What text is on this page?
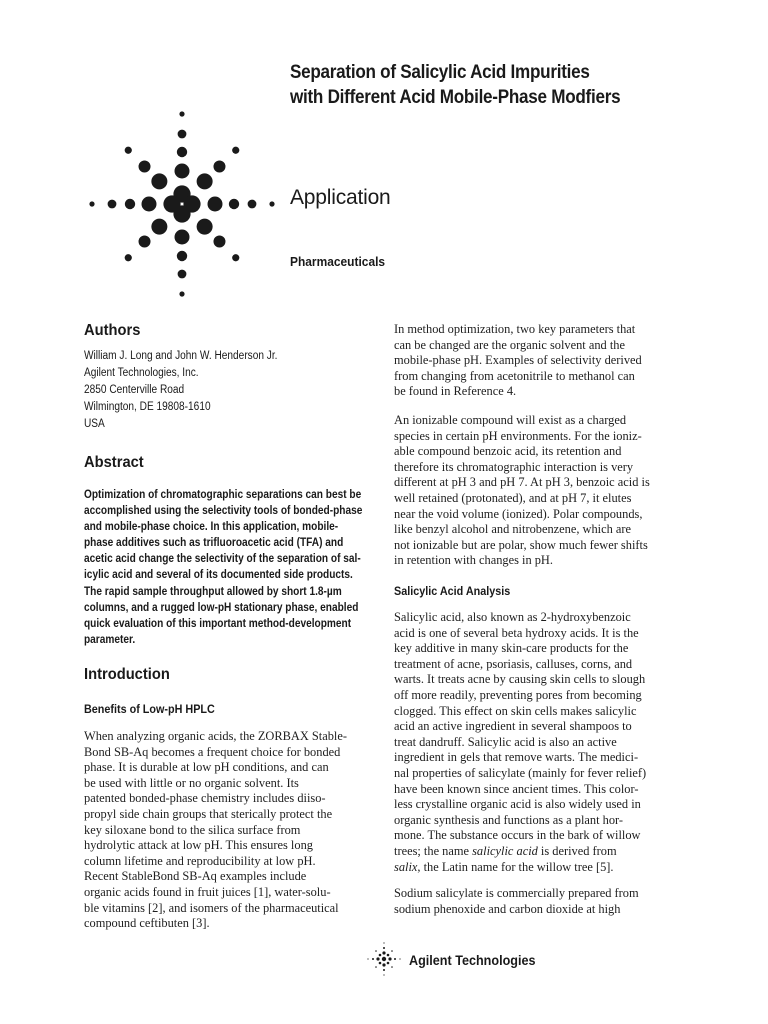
Separation of Salicylic Acid Impurities
with Different Acid Mobile-Phase Modfiers
Application
Pharmaceuticals
Authors
William J. Long and John W. Henderson Jr.
Agilent Technologies, Inc.
2850 Centerville Road
Wilmington, DE 19808-1610
USA
Abstract
Optimization of chromatographic separations can best be
accomplished using the selectivity tools of bonded-phase
and mobile-phase choice. In this application, mobile-
phase additives such as trifluoroacetic acid (TFA) and
acetic acid change the selectivity of the separation of sal-
icylic acid and several of its documented side products.
The rapid sample throughput allowed by short 1.8-µm
columns, and a rugged low-pH stationary phase, enabled
quick evaluation of this important method-development
parameter.
Introduction
Benefits of Low-pH HPLC
When analyzing organic acids, the ZORBAX Stable-
Bond SB-Aq becomes a frequent choice for bonded
phase. It is durable at low pH conditions, and can
be used with little or no organic solvent. Its
patented bonded-phase chemistry includes diiso-
propyl side chain groups that sterically protect the
key siloxane bond to the silica surface from
hydrolytic attack at low pH. This ensures long
column lifetime and reproducibility at low pH.
Recent StableBond SB-Aq examples include
organic acids found in fruit juices [1], water-solu-
ble vitamins [2], and isomers of the pharmaceutical
compound ceftibuten [3].
In method optimization, two key parameters that
can be changed are the organic solvent and the
mobile-phase pH. Examples of selectivity derived
from changing from acetonitrile to methanol can
be found in Reference 4.
An ionizable compound will exist as a charged
species in certain pH environments. For the ioniz-
able compound benzoic acid, its retention and
therefore its chromatographic interaction is very
different at pH 3 and pH 7. At pH 3, benzoic acid is
well retained (protonated), and at pH 7, it elutes
near the void volume (ionized). Polar compounds,
like benzyl alcohol and nitrobenzene, which are
not ionizable but are polar, show much fewer shifts
in retention with changes in pH.
Salicylic Acid Analysis
Salicylic acid, also known as 2-hydroxybenzoic
acid is one of several beta hydroxy acids. It is the
key additive in many skin-care products for the
treatment of acne, psoriasis, calluses, corns, and
warts. It treats acne by causing skin cells to slough
off more readily, preventing pores from becoming
clogged. This effect on skin cells makes salicylic
acid an active ingredient in several shampoos to
treat dandruff. Salicylic acid is also an active
ingredient in gels that remove warts. The medici-
nal properties of salicylate (mainly for fever relief)
have been known since ancient times. This color-
less crystalline organic acid is also widely used in
organic synthesis and functions as a plant hor-
mone. The substance occurs in the bark of willow
trees; the name salicylic acid is derived from
salix, the Latin name for the willow tree [5].
Sodium salicylate is commercially prepared from
sodium phenoxide and carbon dioxide at high
Agilent Technologies
